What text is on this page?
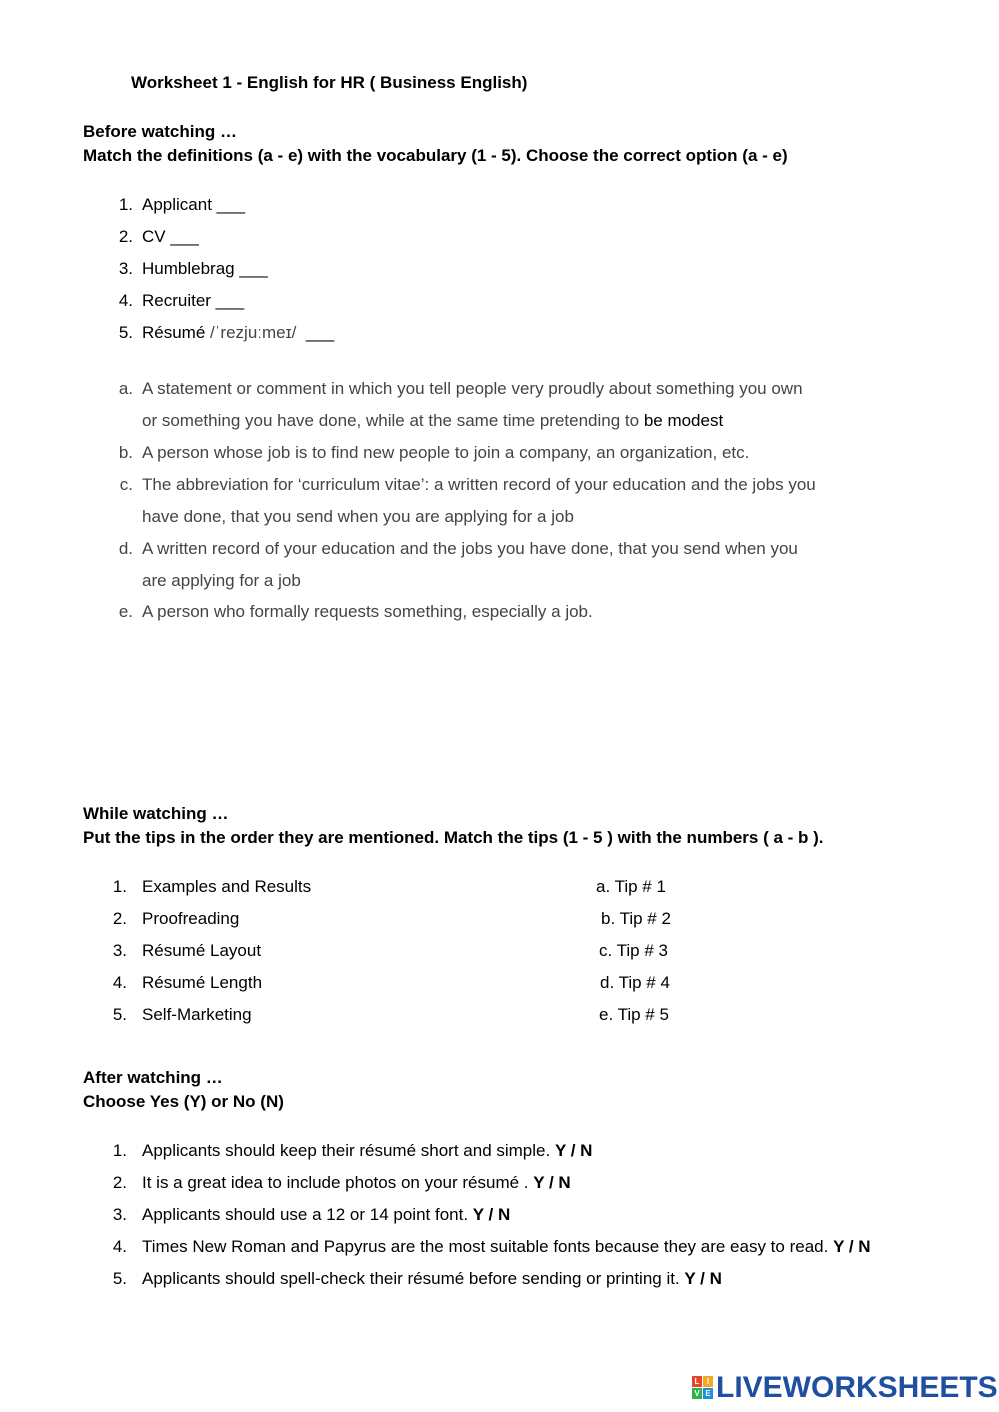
Worksheet 1 - English for HR ( Business English)
Before watching …
Match the definitions (a - e) with the vocabulary (1 - 5). Choose the correct option (a - e)
1. Applicant ___
2. CV ___
3. Humblebrag ___
4. Recruiter ___
5. Résumé /ˈrezjuːmeɪ/  ___
a. A statement or comment in which you tell people very proudly about something you own
or something you have done, while at the same time pretending to be modest
b. A person whose job is to find new people to join a company, an organization, etc.
c. The abbreviation for ‘curriculum vitae’: a written record of your education and the jobs you
have done, that you send when you are applying for a job
d. A written record of your education and the jobs you have done, that you send when you
are applying for a job
e. A person who formally requests something, especially a job.
While watching …
Put the tips in the order they are mentioned. Match the tips (1 - 5 ) with the numbers ( a - b ).
1. Examples and Results	a. Tip # 1
2. Proofreading	b. Tip # 2
3. Résumé Layout	c. Tip # 3
4. Résumé Length	d. Tip # 4
5. Self-Marketing	e. Tip # 5
After watching …
Choose Yes (Y) or No (N)
1. Applicants should keep their résumé short and simple. Y / N
2. It is a great idea to include photos on your résumé . Y / N
3. Applicants should use a 12 or 14 point font. Y / N
4. Times New Roman and Papyrus are the most suitable fonts because they are easy to read. Y / N
5. Applicants should spell-check their résumé before sending or printing it. Y / N
L I
V E LIVEWORKSHEETS
